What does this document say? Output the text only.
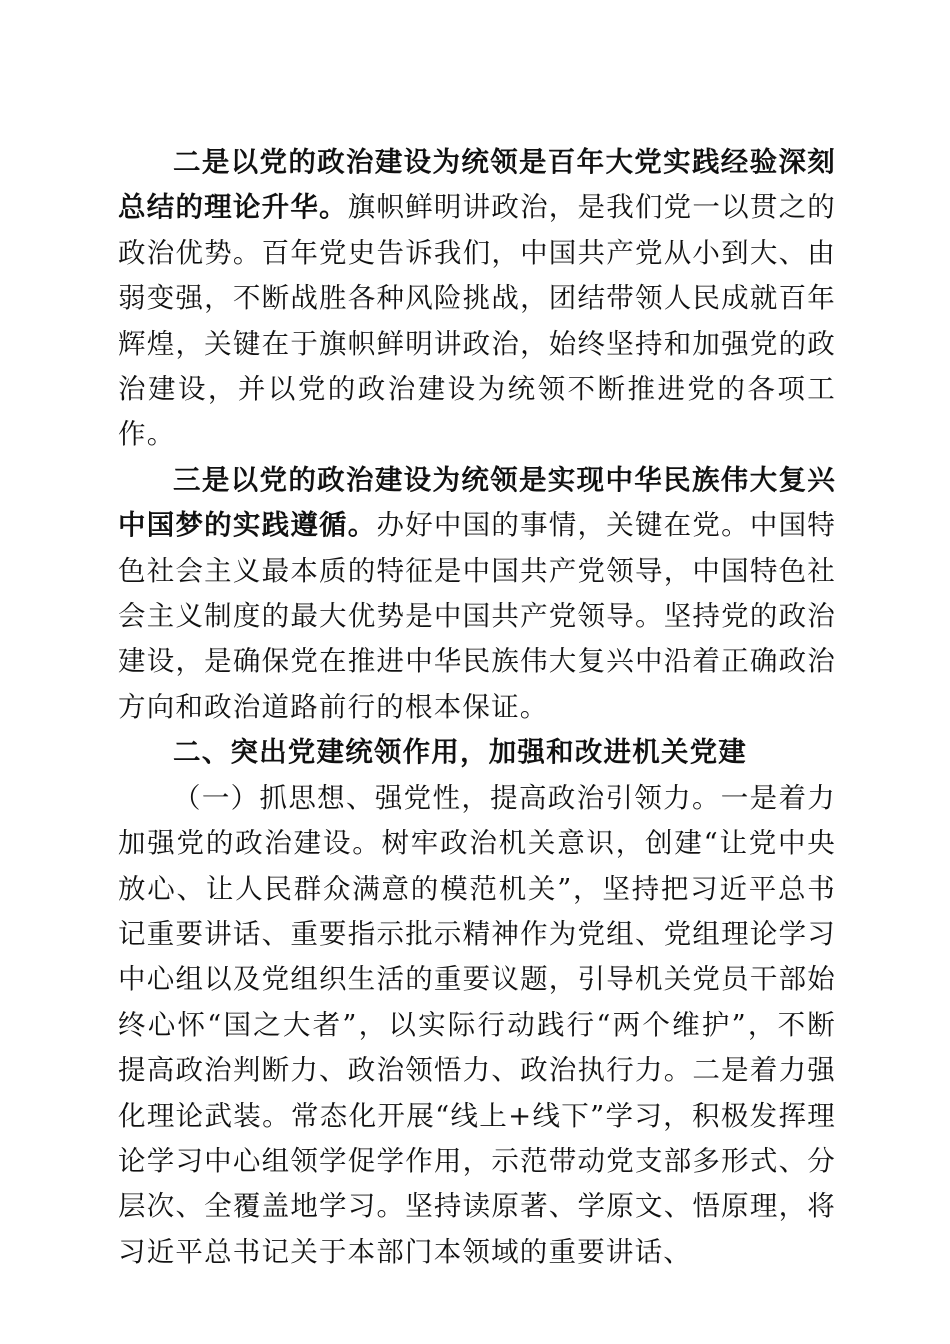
二是以党的政治建设为统领是百年大党实践经验深刻总结的理论升华。旗帜鲜明讲政治，是我们党一以贯之的政治优势。百年党史告诉我们，中国共产党从小到大、由弱变强，不断战胜各种风险挑战，团结带领人民成就百年辉煌，关键在于旗帜鲜明讲政治，始终坚持和加强党的政治建设，并以党的政治建设为统领不断推进党的各项工作。

三是以党的政治建设为统领是实现中华民族伟大复兴中国梦的实践遵循。办好中国的事情，关键在党。中国特色社会主义最本质的特征是中国共产党领导，中国特色社会主义制度的最大优势是中国共产党领导。坚持党的政治建设，是确保党在推进中华民族伟大复兴中沿着正确政治方向和政治道路前行的根本保证。

二、突出党建统领作用，加强和改进机关党建

（一）抓思想、强党性，提高政治引领力。一是着力加强党的政治建设。树牢政治机关意识，创建“让党中央放心、让人民群众满意的模范机关”，坚持把习近平总书记重要讲话、重要指示批示精神作为党组、党组理论学习中心组以及党组织生活的重要议题，引导机关党员干部始终心怀“国之大者”，以实际行动践行“两个维护”，不断提高政治判断力、政治领悟力、政治执行力。二是着力强化理论武装。常态化开展“线上+线下”学习，积极发挥理论学习中心组领学促学作用，示范带动党支部多形式、分层次、全覆盖地学习。坚持读原著、学原文、悟原理，将习近平总书记关于本部门本领域的重要讲话、
